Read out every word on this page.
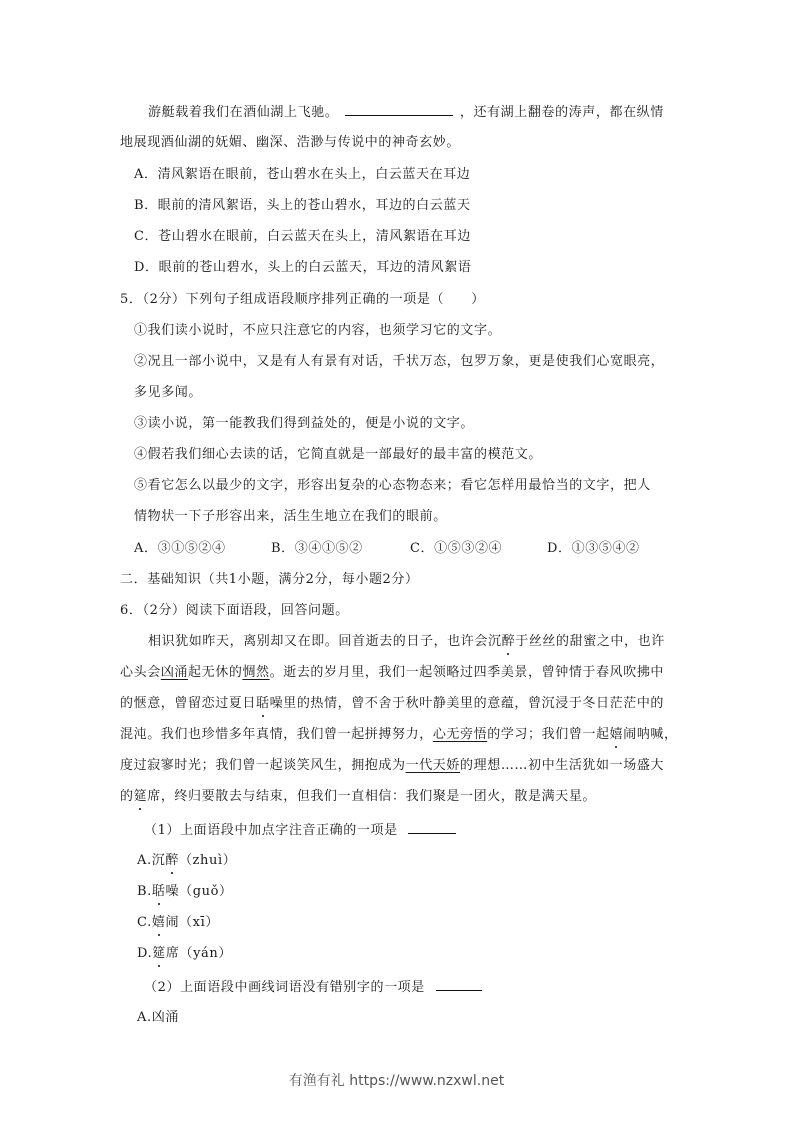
游艇载着我们在酒仙湖上飞驰。	，还有湖上翻卷的涛声，都在纵情
地展现酒仙湖的妩媚、幽深、浩渺与传说中的神奇玄妙。
A．清风絮语在眼前，苍山碧水在头上，白云蓝天在耳边
B．眼前的清风絮语，头上的苍山碧水，耳边的白云蓝天
C．苍山碧水在眼前，白云蓝天在头上，清风絮语在耳边
D．眼前的苍山碧水，头上的白云蓝天，耳边的清风絮语
5．（2分）下列句子组成语段顺序排列正确的一项是（　　）
①我们读小说时，不应只注意它的内容，也须学习它的文字。
②况且一部小说中，又是有人有景有对话，千状万态，包罗万象，更是使我们心宽眼亮，
多见多闻。
③读小说，第一能教我们得到益处的，便是小说的文字。
④假若我们细心去读的话，它简直就是一部最好的最丰富的模范文。
⑤看它怎么以最少的文字，形容出复杂的心态物态来；看它怎样用最恰当的文字，把人
情物状一下子形容出来，活生生地立在我们的眼前。
A．③①⑤②④	B．③④①⑤②	C．①⑤③②④	D．①③⑤④②
二．基础知识（共1小题，满分2分，每小题2分）
6．（2分）阅读下面语段，回答问题。
相识犹如昨天，离别却又在即。回首逝去的日子，也许会沉醉于丝丝的甜蜜之中，也许
心头会凶涌起无休的惆然。逝去的岁月里，我们一起领略过四季美景，曾钟情于春风吹拂中
的惬意，曾留恋过夏日聒噪里的热情，曾不舍于秋叶静美里的意蕴，曾沉浸于冬日茫茫中的
混沌。我们也珍惜多年真情，我们曾一起拼搏努力，心无旁悟的学习；我们曾一起嬉闹呐喊，
度过寂寥时光；我们曾一起谈笑风生，拥抱成为一代天娇的理想……初中生活犹如一场盛大
的筵席，终归要散去与结束，但我们一直相信：我们聚是一团火，散是满天星。
（1）上面语段中加点字注音正确的一项是
A.沉醉（zhuì）
B.聒噪（guǒ）
C.嬉闹（xī）
D.筵席（yán）
（2）上面语段中画线词语没有错别字的一项是
A.凶涌
有渔有礼 https://www.nzxwl.net
